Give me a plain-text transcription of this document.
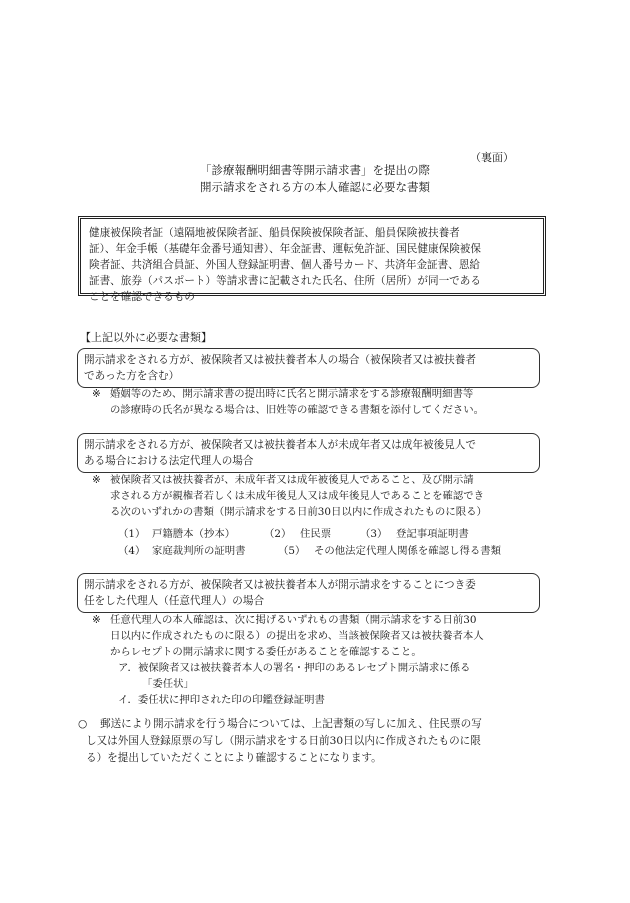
（裏面）
「診療報酬明細書等開示請求書」を提出の際
開示請求をされる方の本人確認に必要な書類
健康被保険者証（遠隔地被保険者証、船員保険被保険者証、船員保険被扶養者
証）、年金手帳（基礎年金番号通知書）、年金証書、運転免許証、国民健康保険被保
険者証、共済組合員証、外国人登録証明書、個人番号カード、共済年金証書、恩給
証書、旅券（パスポート）等請求書に記載された氏名、住所（居所）が同一である
ことを確認できるもの
【上記以外に必要な書類】
開示請求をされる方が、被保険者又は被扶養者本人の場合（被保険者又は被扶養者
であった方を含む）
※ 婚姻等のため、開示請求書の提出時に氏名と開示請求をする診療報酬明細書等
の診療時の氏名が異なる場合は、旧姓等の確認できる書類を添付してください。
開示請求をされる方が、被保険者又は被扶養者本人が未成年者又は成年被後見人で
ある場合における法定代理人の場合
※ 被保険者又は被扶養者が、未成年者又は成年被後見人であること、及び開示請
求される方が親権者若しくは未成年後見人又は成年後見人であることを確認でき
る次のいずれかの書類（開示請求をする日前30日以内に作成されたものに限る）
（1） 戸籍謄本（抄本）	（2） 住民票	（3） 登記事項証明書
（4） 家庭裁判所の証明書	（5） その他法定代理人関係を確認し得る書類
開示請求をされる方が、被保険者又は被扶養者本人が開示請求をすることにつき委
任をした代理人（任意代理人）の場合
※ 任意代理人の本人確認は、次に掲げるいずれもの書類（開示請求をする日前30
日以内に作成されたものに限る）の提出を求め、当該被保険者又は被扶養者本人
からレセプトの開示請求に関する委任があることを確認すること。
ア．被保険者又は被扶養者本人の署名・押印のあるレセプト開示請求に係る
「委任状」
イ．委任状に押印された印の印鑑登録証明書
○ 郵送により開示請求を行う場合については、上記書類の写しに加え、住民票の写
し又は外国人登録原票の写し（開示請求をする日前30日以内に作成されたものに限
る）を提出していただくことにより確認することになります。
